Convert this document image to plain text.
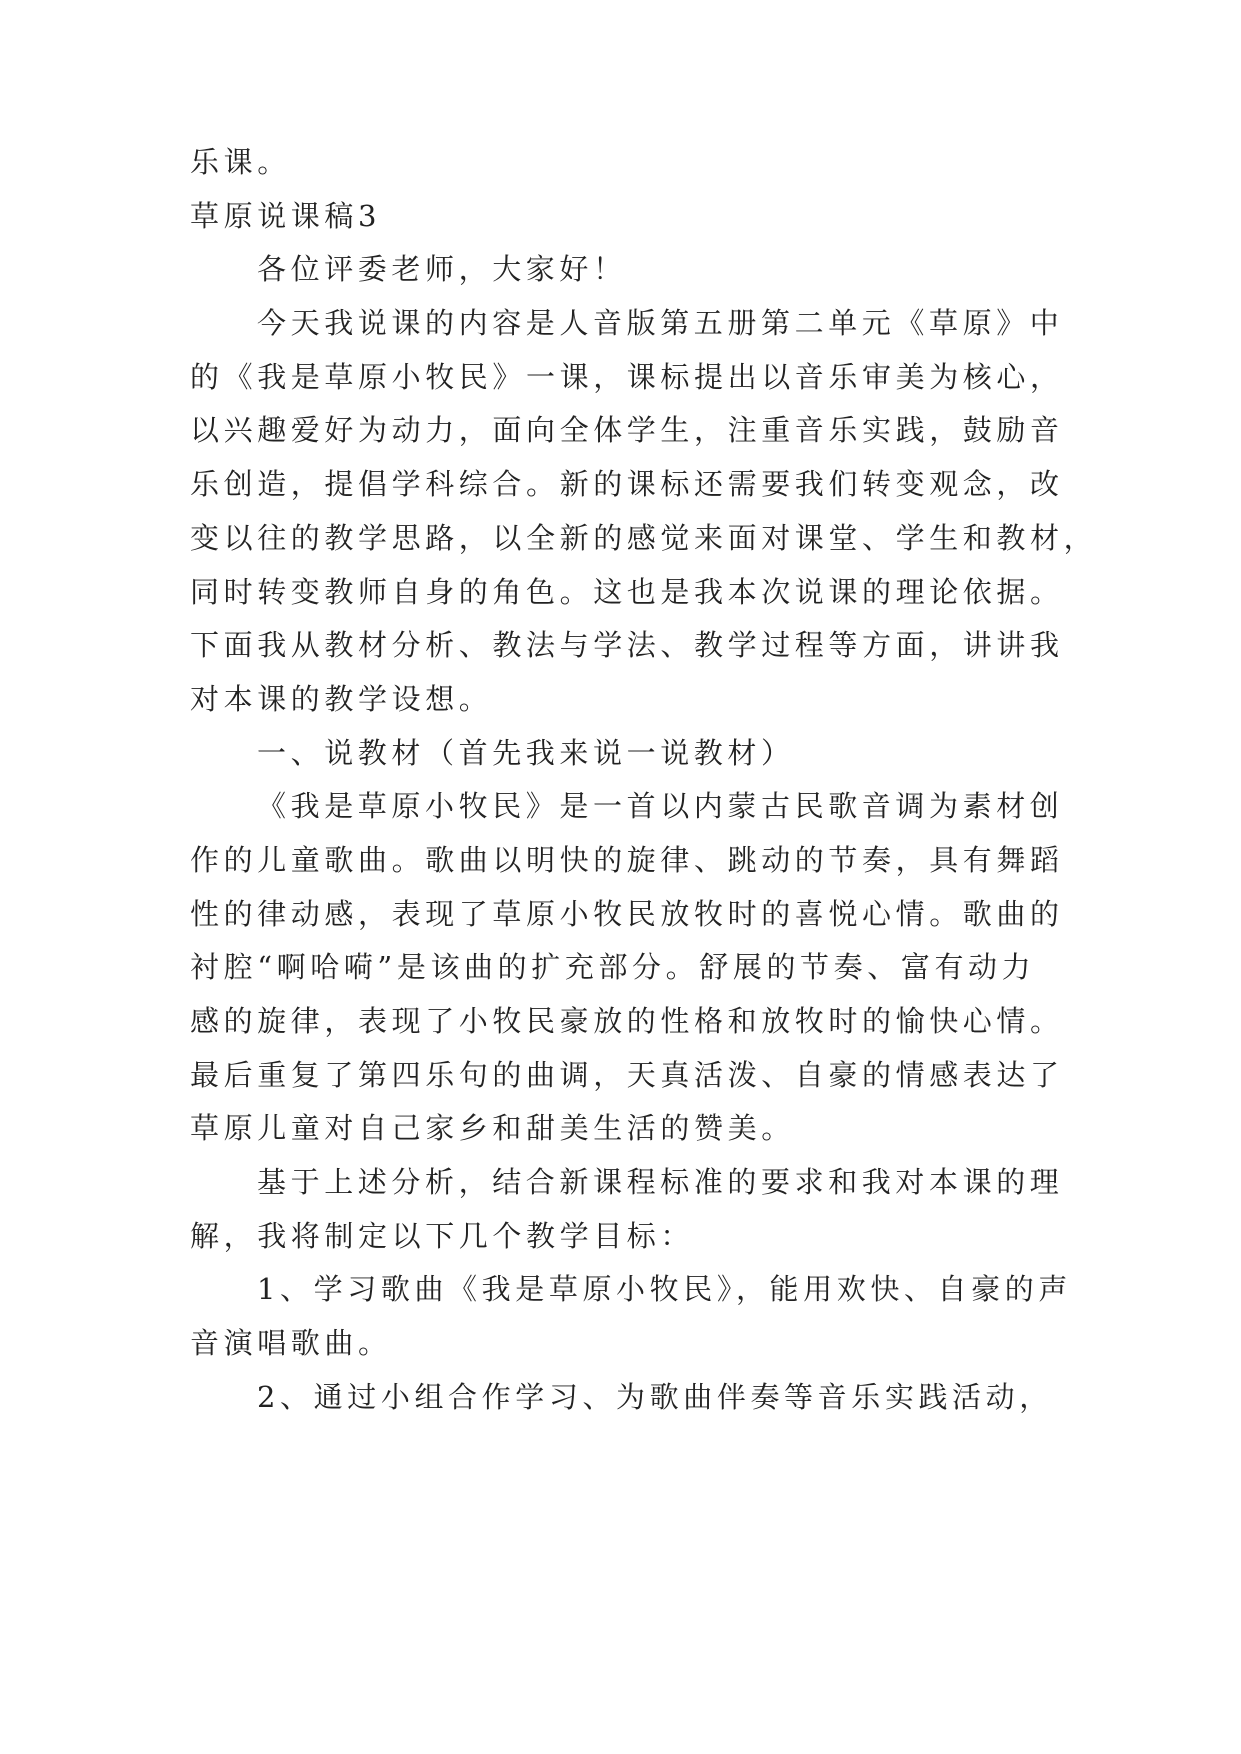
乐课。
草原说课稿3
各位评委老师，大家好！
今天我说课的内容是人音版第五册第二单元《草原》中
的《我是草原小牧民》一课，课标提出以音乐审美为核心，
以兴趣爱好为动力，面向全体学生，注重音乐实践，鼓励音
乐创造，提倡学科综合。新的课标还需要我们转变观念，改
变以往的教学思路，以全新的感觉来面对课堂、学生和教材，
同时转变教师自身的角色。这也是我本次说课的理论依据。
下面我从教材分析、教法与学法、教学过程等方面，讲讲我
对本课的教学设想。
一、说教材（首先我来说一说教材）
《我是草原小牧民》是一首以内蒙古民歌音调为素材创
作的儿童歌曲。歌曲以明快的旋律、跳动的节奏，具有舞蹈
性的律动感，表现了草原小牧民放牧时的喜悦心情。歌曲的
衬腔“啊哈嗬”是该曲的扩充部分。舒展的节奏、富有动力
感的旋律，表现了小牧民豪放的性格和放牧时的愉快心情。
最后重复了第四乐句的曲调，天真活泼、自豪的情感表达了
草原儿童对自己家乡和甜美生活的赞美。
基于上述分析，结合新课程标准的要求和我对本课的理
解，我将制定以下几个教学目标：
1、学习歌曲《我是草原小牧民》，能用欢快、自豪的声
音演唱歌曲。
2、通过小组合作学习、为歌曲伴奏等音乐实践活动，
